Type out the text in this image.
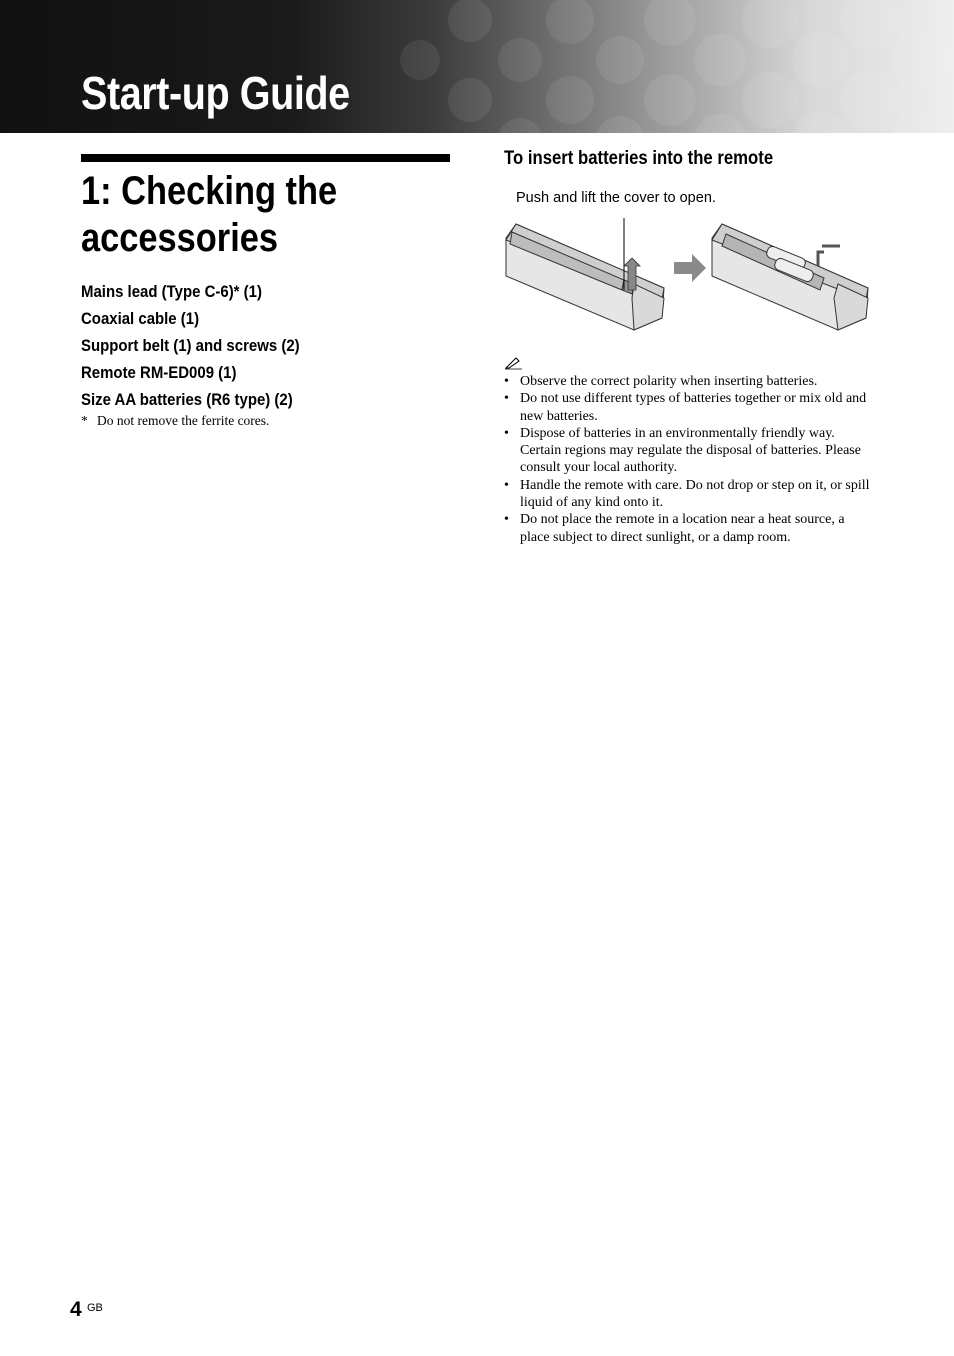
Start-up Guide
1: Checking the
accessories
Mains lead (Type C-6)* (1)
Coaxial cable (1)
Support belt (1) and screws (2)
Remote RM-ED009 (1)
Size AA batteries (R6 type) (2)
* Do not remove the ferrite cores.
To insert batteries into the remote
Push and lift the cover to open.
• Observe the correct polarity when inserting batteries.
• Do not use different types of batteries together or mix old and new batteries.
• Dispose of batteries in an environmentally friendly way. Certain regions may regulate the disposal of batteries. Please consult your local authority.
• Handle the remote with care. Do not drop or step on it, or spill liquid of any kind onto it.
• Do not place the remote in a location near a heat source, a place subject to direct sunlight, or a damp room.
4 GB
